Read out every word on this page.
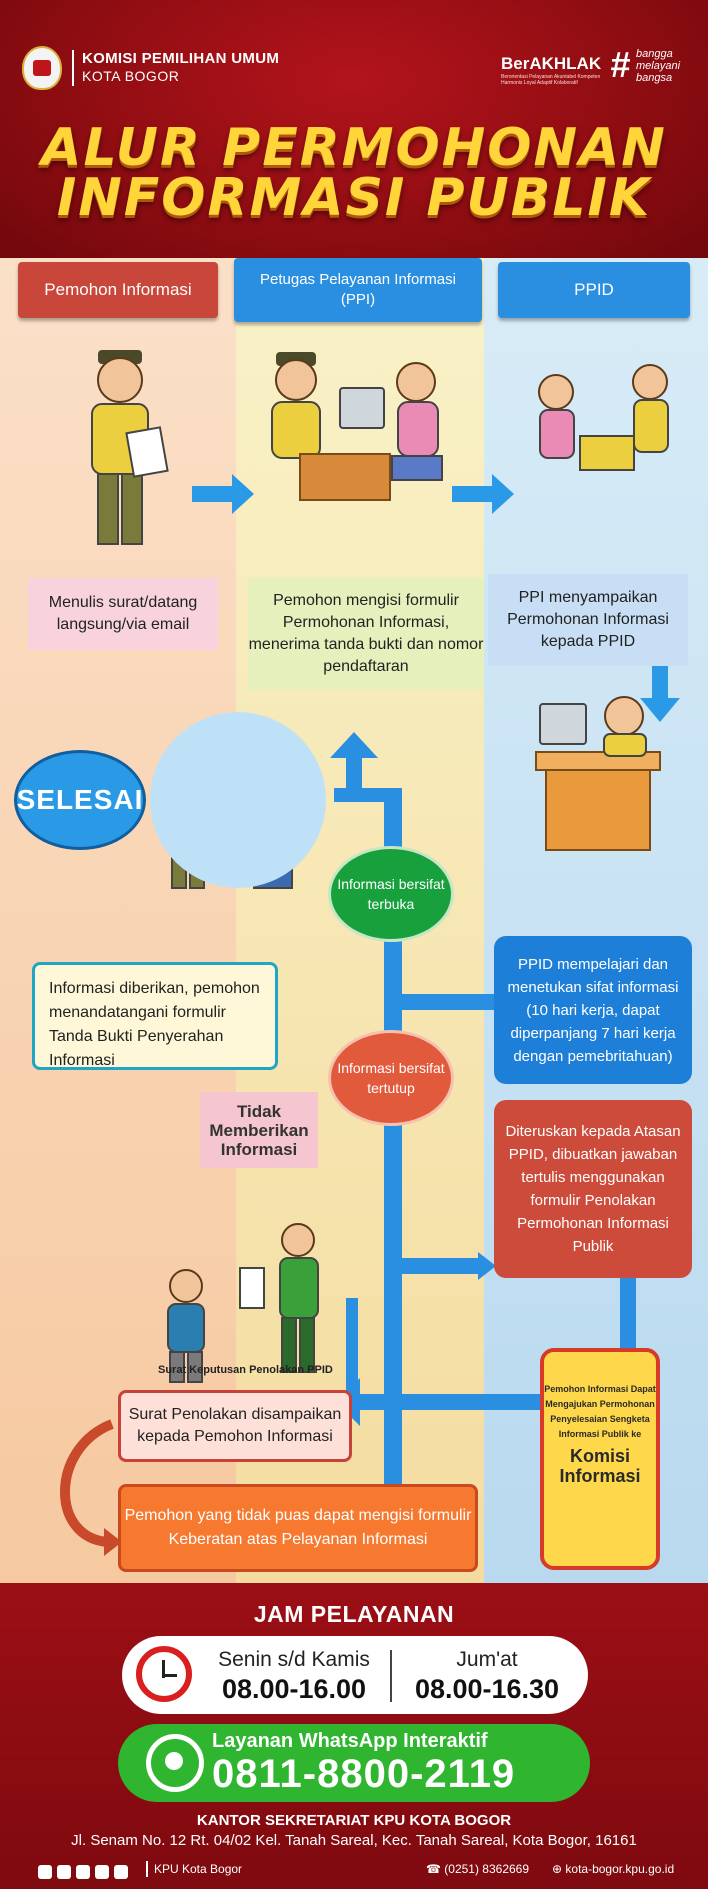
KOMISI PEMILIHAN UMUM
KOTA BOGOR
BerAKHLAK
Berorientasi Pelayanan Akuntabel Kompeten Harmonis Loyal Adaptif Kolaboratif # bangga
melayani
bangsa
ALUR PERMOHONAN
INFORMASI PUBLIK
Pemohon Informasi
Petugas Pelayanan Informasi (PPI)
PPID
Menulis surat/datang langsung/via email
Pemohon mengisi formulir Permohonan Informasi, menerima tanda bukti dan nomor pendaftaran
PPI menyampaikan Permohonan Informasi kepada PPID
SELESAI
Informasi bersifat terbuka
Informasi bersifat tertutup
PPID mempelajari dan menetukan sifat informasi (10 hari kerja, dapat diperpanjang 7 hari kerja dengan pemebritahuan)
Diteruskan kepada Atasan PPID, dibuatkan jawaban tertulis menggunakan formulir Penolakan Permohonan Informasi Publik
Informasi diberikan, pemohon menandatangani formulir Tanda Bukti Penyerahan Informasi
Tidak Memberikan Informasi
Surat Keputusan Penolakan PPID
Surat Penolakan disampaikan kepada Pemohon Informasi
Pemohon yang tidak puas dapat mengisi formulir Keberatan atas Pelayanan Informasi
Pemohon Informasi Dapat Mengajukan Permohonan Penyelesaian Sengketa Informasi Publik ke
Komisi Informasi
JAM PELAYANAN
Senin s/d Kamis
08.00-16.00
Jum'at
08.00-16.30
Layanan WhatsApp Interaktif
0811-8800-2119
KANTOR SEKRETARIAT KPU KOTA BOGOR
Jl. Senam No. 12 Rt. 04/02 Kel. Tanah Sareal, Kec. Tanah Sareal, Kota Bogor, 16161
KPU Kota Bogor	☎ (0251) 8362669 ⊕ kota-bogor.kpu.go.id
